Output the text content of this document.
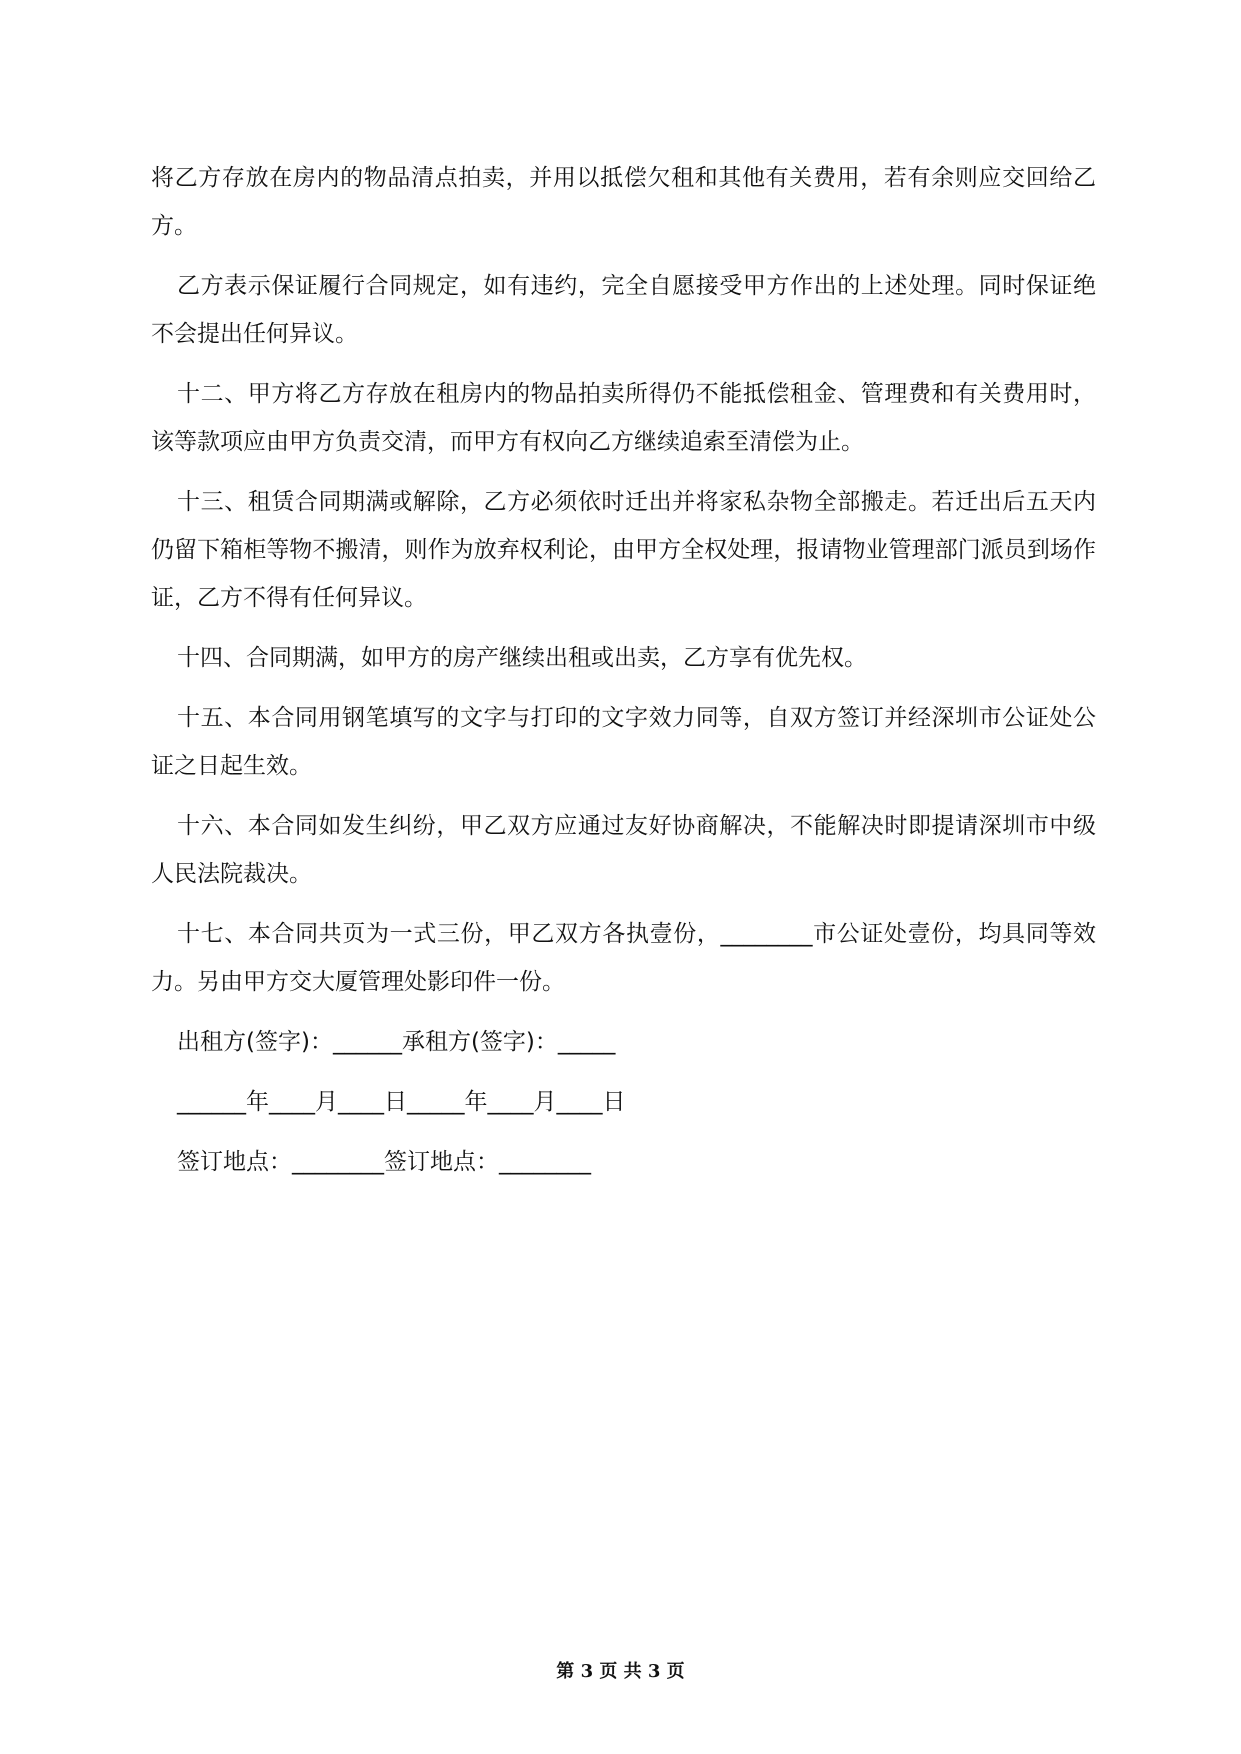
将乙方存放在房内的物品清点拍卖，并用以抵偿欠租和其他有关费用，若有余则应交回给乙方。

乙方表示保证履行合同规定，如有违约，完全自愿接受甲方作出的上述处理。同时保证绝不会提出任何异议。

十二、甲方将乙方存放在租房内的物品拍卖所得仍不能抵偿租金、管理费和有关费用时，该等款项应由甲方负责交清，而甲方有权向乙方继续追索至清偿为止。

十三、租赁合同期满或解除，乙方必须依时迁出并将家私杂物全部搬走。若迁出后五天内仍留下箱柜等物不搬清，则作为放弃权利论，由甲方全权处理，报请物业管理部门派员到场作证，乙方不得有任何异议。

十四、合同期满，如甲方的房产继续出租或出卖，乙方享有优先权。

十五、本合同用钢笔填写的文字与打印的文字效力同等，自双方签订并经深圳市公证处公证之日起生效。

十六、本合同如发生纠纷，甲乙双方应通过友好协商解决，不能解决时即提请深圳市中级人民法院裁决。

十七、本合同共页为一式三份，甲乙双方各执壹份，________市公证处壹份，均具同等效力。另由甲方交大厦管理处影印件一份。

出租方(签字)：______承租方(签字)：_____

______年____月____日_____年____月____日

签订地点：________签订地点：________

第 3 页 共 3 页
